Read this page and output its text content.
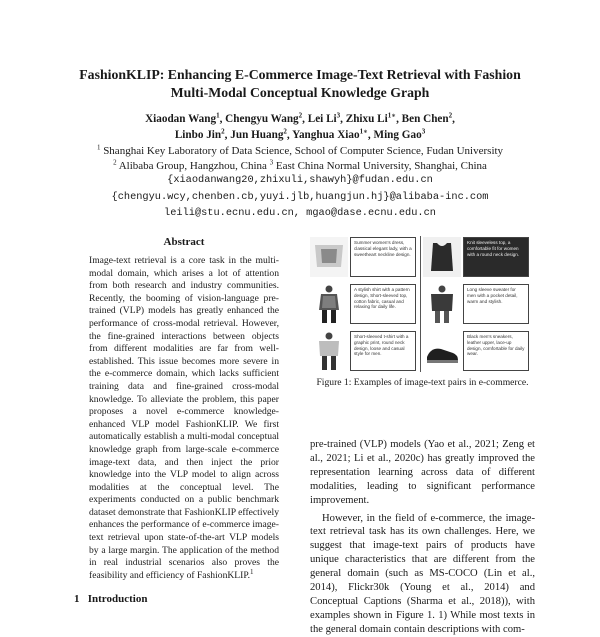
FashionKLIP: Enhancing E-Commerce Image-Text Retrieval with Fashion
Multi-Modal Conceptual Knowledge Graph
Xiaodan Wang$^1$, Chengyu Wang$^2$, Lei Li$^3$, Zhixu $Li^{1∗}$, Ben Chen$^2$,
Linbo Jin$^2$, Jun Huang$^2$, Yanghua Xiao$^{1∗}$, Ming Gao$^3$
$^1$ Shanghai Key Laboratory of Data Science, School of Computer Science, Fudan University
$^2$ Alibaba Group, Hangzhou, China $^3$ East China Normal University, Shanghai, China
{xiaodanwang20,zhixuli,shawyh}@fudan.edu.cn
{chengyu.wcy,chenben.cb,yuyi.jlb,huangjun.hj}@alibaba-inc.com
leili@stu.ecnu.edu.cn, mgao@dase.ecnu.edu.cn
Abstract

Image-text retrieval is a core task in the multi-modal domain, which arises a lot of attention from both research and industry communities. Recently, the booming of vision-language pre-trained (VLP) models has greatly enhanced the performance of cross-modal retrieval. However, the fine-grained interactions between objects from different modalities are far from well-established. This issue becomes more severe in the e-commerce domain, which lacks sufficient training data and fine-grained cross-modal knowledge. To alleviate the problem, this paper proposes a novel e-commerce knowledge-enhanced VLP model FashionKLIP. We first automatically establish a multi-modal conceptual knowledge graph from large-scale e-commerce image-text data, and then inject the prior knowledge into the VLP model to align across modalities at the conceptual level. The experiments conducted on a public benchmark dataset demonstrate that FashionKLIP effectively enhances the performance of e-commerce image-text retrieval upon state-of-the-art VLP models by a large margin. The application of the method in real industrial scenarios also proves the feasibility and efficiency of FashionKLIP.$^1$

1 Introduction
Summer women's dress, classical elegant lady, with a sweetheart neckline design.
A stylish shirt with a pattern design, Short-sleeved top, cotton fabric, casual and relaxing for daily life.
Short-sleeved t-shirt with a graphic print, round neck design, loose and casual style for men.
Knit sleeveless top, a comfortable fit for women with a round neck design.
Long sleeve sweater for men with a pocket detail, warm and stylish.
Black men's sneakers, leather upper, lace-up design, comfortable for daily wear.
Figure 1: Examples of image-text pairs in e-commerce.

pre-trained (VLP) models (Yao et al., 2021; Zeng et al., 2021; Li et al., 2020c) has greatly improved the representation learning across data of different modalities, leading to significant performance improvement.

However, in the field of e-commerce, the image-text retrieval task has its own challenges. Here, we suggest that image-text pairs of products have unique characteristics that are different from the general domain (such as MS-COCO (Lin et al., 2014), Flickr30k (Young et al., 2014) and Conceptual Captions (Sharma et al., 2018)), with examples shown in Figure 1. 1) While most texts in the general domain contain descriptions with com-
